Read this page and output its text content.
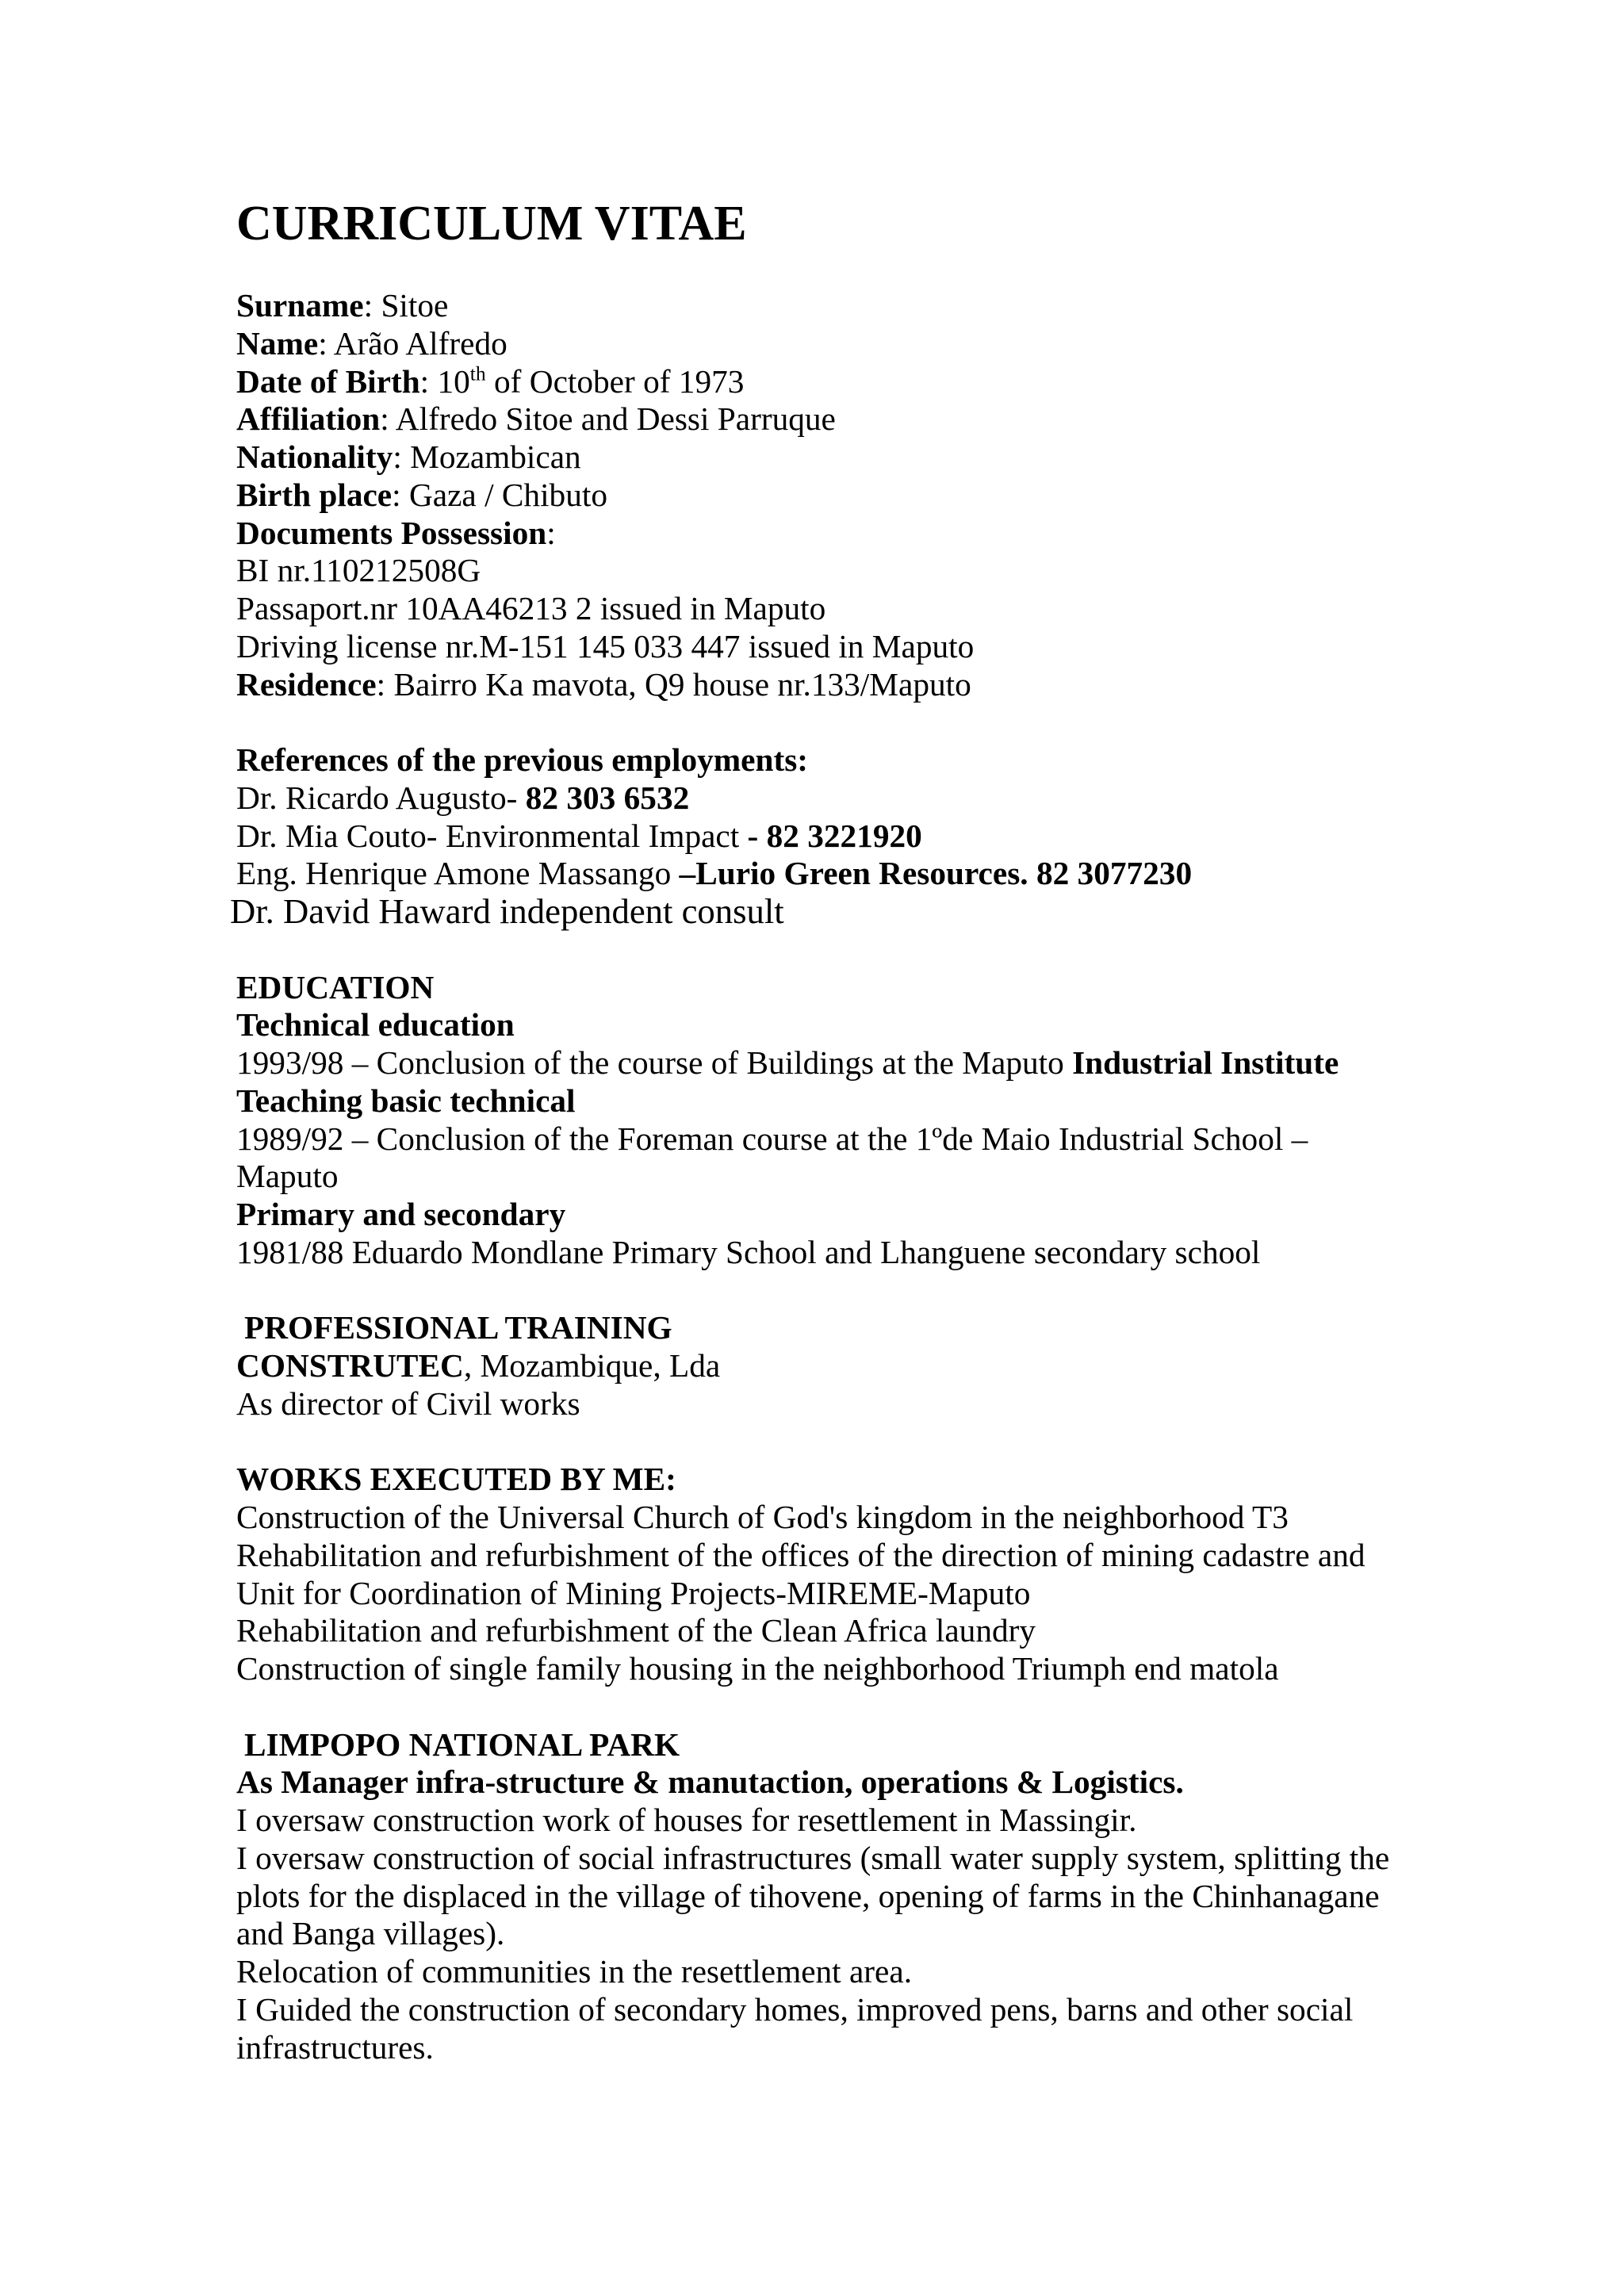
CURRICULUM VITAE
Surname: Sitoe
Name: Arão Alfredo
Date of Birth: 10th of October of 1973
Affiliation: Alfredo Sitoe and Dessi Parruque
Nationality: Mozambican
Birth place: Gaza / Chibuto
Documents Possession:
BI nr.110212508G
Passaport.nr 10AA46213 2 issued in Maputo
Driving license nr.M-151 145 033 447 issued in Maputo
Residence: Bairro Ka mavota, Q9 house nr.133/Maputo
References of the previous employments:
Dr. Ricardo Augusto- 82 303 6532
Dr. Mia Couto- Environmental Impact - 82 3221920
Eng. Henrique Amone Massango –Lurio Green Resources. 82 3077230
Dr. David Haward independent consult
EDUCATION
Technical education
1993/98 – Conclusion of the course of Buildings at the Maputo Industrial Institute
Teaching basic technical
1989/92 – Conclusion of the Foreman course at the 1ºde Maio Industrial School –
Maputo
Primary and secondary
1981/88 Eduardo Mondlane Primary School and Lhanguene secondary school
PROFESSIONAL TRAINING
CONSTRUTEC, Mozambique, Lda
As director of Civil works
WORKS EXECUTED BY ME:
Construction of the Universal Church of God's kingdom in the neighborhood T3
Rehabilitation and refurbishment of the offices of the direction of mining cadastre and
Unit for Coordination of Mining Projects-MIREME-Maputo
Rehabilitation and refurbishment of the Clean Africa laundry
Construction of single family housing in the neighborhood Triumph end matola
LIMPOPO NATIONAL PARK
As Manager infra-structure & manutaction, operations & Logistics.
I oversaw construction work of houses for resettlement in Massingir.
I oversaw construction of social infrastructures (small water supply system, splitting the
plots for the displaced in the village of tihovene, opening of farms in the Chinhanagane
and Banga villages).
Relocation of communities in the resettlement area.
I Guided the construction of secondary homes, improved pens, barns and other social
infrastructures.
